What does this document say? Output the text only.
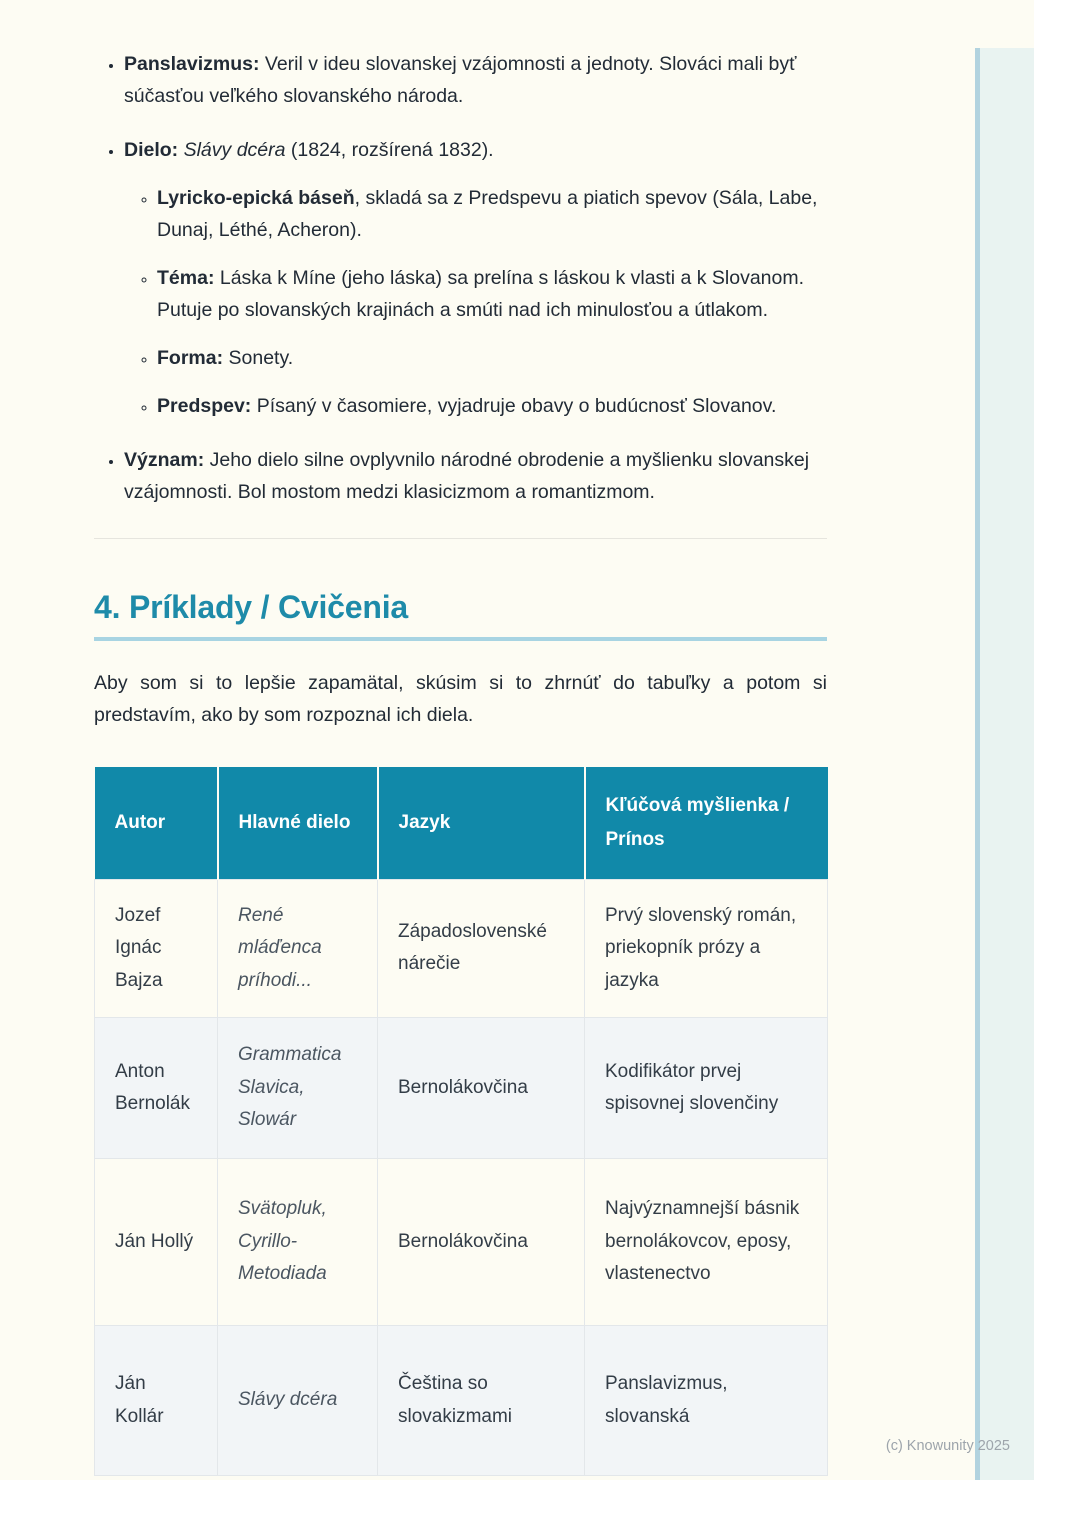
• Panslavizmus: Veril v ideu slovanskej vzájomnosti a jednoty. Slováci mali byť súčasťou veľkého slovanského národa.
• Dielo: Slávy dcéra (1824, rozšírená 1832).
◦ Lyricko-epická báseň, skladá sa z Predspevu a piatich spevov (Sála, Labe, Dunaj, Léthé, Acheron).
◦ Téma: Láska k Míne (jeho láska) sa prelína s láskou k vlasti a k Slovanom. Putuje po slovanských krajinách a smúti nad ich minulosťou a útlakom.
◦ Forma: Sonety.
◦ Predspev: Písaný v časomiere, vyjadruje obavy o budúcnosť Slovanov.
• Význam: Jeho dielo silne ovplyvnilo národné obrodenie a myšlienku slovanskej vzájomnosti. Bol mostom medzi klasicizmom a romantizmom.
4. Príklady / Cvičenia

Aby som si to lepšie zapamätal, skúsim si to zhrnúť do tabuľky a potom si predstavím, ako by som rozpoznal ich diela.

Autor	Hlavné dielo	Jazyk	Kľúčová myšlienka / Prínos
Jozef Ignác Bajza	René mláďenca príhodi...	Západoslovenské nárečie	Prvý slovenský román, priekopník prózy a jazyka
Anton Bernolák	Grammatica Slavica, Slowár	Bernolákovčina	Kodifikátor prvej spisovnej slovenčiny
Ján Hollý	Svätopluk, Cyrillo-Metodiada	Bernolákovčina	Najvýznamnejší básnik bernolákovcov, eposy, vlastenectvo
Ján Kollár	Slávy dcéra	Čeština so slovakizmami	Panslavizmus, slovanská
(c) Knowunity 2025
